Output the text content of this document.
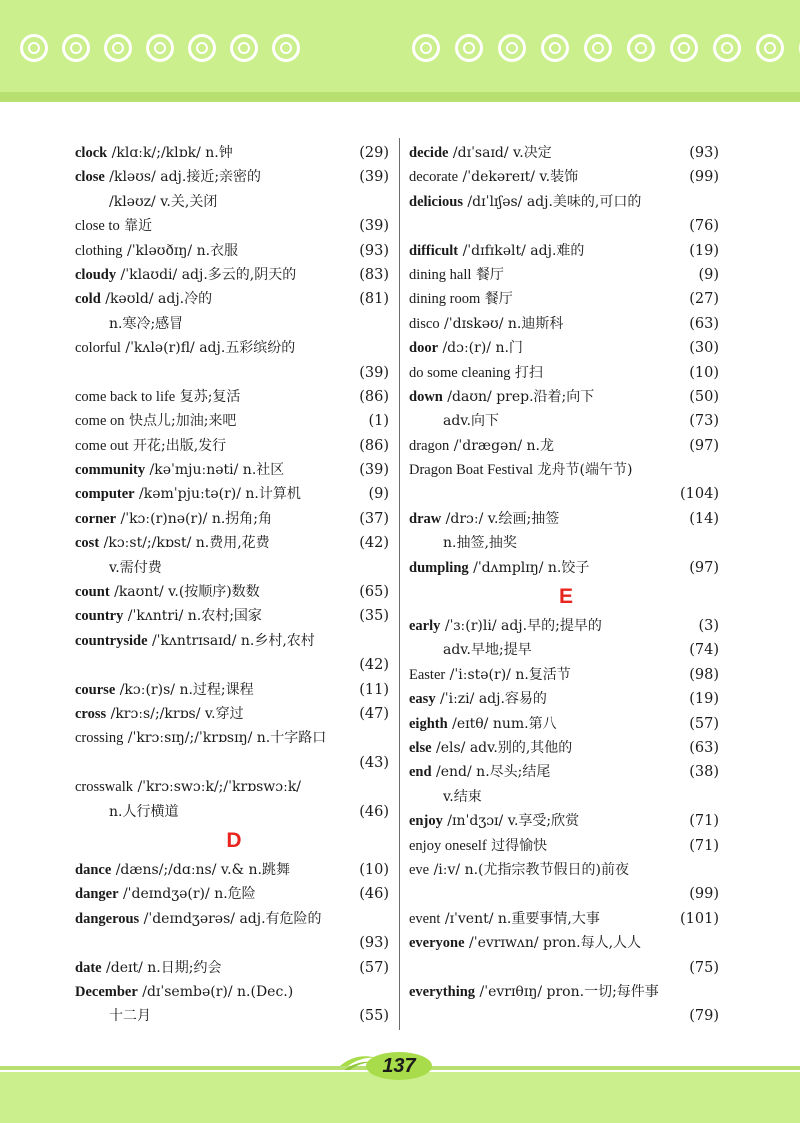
clock /klɑːk/;/klɒk/ n.钟	(29)
close /kləʊs/ adj.接近;亲密的	(39)
/kləʊz/ v.关,关闭
close to 靠近	(39)
clothing /ˈkləʊðɪŋ/ n.衣服	(93)
cloudy /ˈklaʊdi/ adj.多云的,阴天的	(83)
cold /kəʊld/ adj.冷的	(81)
n.寒冷;感冒
colorful /ˈkʌlə(r)fl/ adj.五彩缤纷的
(39)
come back to life 复苏;复活	(86)
come on 快点儿;加油;来吧	(1)
come out 开花;出版,发行	(86)
community /kəˈmjuːnəti/ n.社区	(39)
computer /kəmˈpjuːtə(r)/ n.计算机	(9)
corner /ˈkɔː(r)nə(r)/ n.拐角;角	(37)
cost /kɔːst/;/kɒst/ n.费用,花费	(42)
v.需付费
count /kaʊnt/ v.(按顺序)数数	(65)
country /ˈkʌntri/ n.农村;国家	(35)
countryside /ˈkʌntrɪsaɪd/ n.乡村,农村
(42)
course /kɔː(r)s/ n.过程;课程	(11)
cross /krɔːs/;/krɒs/ v.穿过	(47)
crossing /ˈkrɔːsɪŋ/;/ˈkrɒsɪŋ/ n.十字路口
(43)
crosswalk /ˈkrɔːswɔːk/;/ˈkrɒswɔːk/
n.人行横道	(46)
D
dance /dæns/;/dɑːns/ v.& n.跳舞	(10)
danger /ˈdeɪndʒə(r)/ n.危险	(46)
dangerous /ˈdeɪndʒərəs/ adj.有危险的
(93)
date /deɪt/ n.日期;约会	(57)
December /dɪˈsembə(r)/ n.(Dec.)
十二月	(55)
decide /dɪˈsaɪd/ v.决定	(93)
decorate /ˈdekəreɪt/ v.装饰	(99)
delicious /dɪˈlɪʃəs/ adj.美味的,可口的
(76)
difficult /ˈdɪfɪkəlt/ adj.难的	(19)
dining hall 餐厅	(9)
dining room 餐厅	(27)
disco /ˈdɪskəʊ/ n.迪斯科	(63)
door /dɔː(r)/ n.门	(30)
do some cleaning 打扫	(10)
down /daʊn/ prep.沿着;向下	(50)
adv.向下	(73)
dragon /ˈdrægən/ n.龙	(97)
Dragon Boat Festival 龙舟节(端午节)
(104)
draw /drɔː/ v.绘画;抽签	(14)
n.抽签,抽奖
dumpling /ˈdʌmplɪŋ/ n.饺子	(97)
E
early /ˈɜː(r)li/ adj.早的;提早的	(3)
adv.早地;提早	(74)
Easter /ˈiːstə(r)/ n.复活节	(98)
easy /ˈiːzi/ adj.容易的	(19)
eighth /eɪtθ/ num.第八	(57)
else /els/ adv.别的,其他的	(63)
end /end/ n.尽头;结尾	(38)
v.结束
enjoy /ɪnˈdʒɔɪ/ v.享受;欣赏	(71)
enjoy oneself 过得愉快	(71)
eve /iːv/ n.(尤指宗教节假日的)前夜
(99)
event /ɪˈvent/ n.重要事情,大事	(101)
everyone /ˈevrɪwʌn/ pron.每人,人人
(75)
everything /ˈevrɪθɪŋ/ pron.一切;每件事
(79)
137
